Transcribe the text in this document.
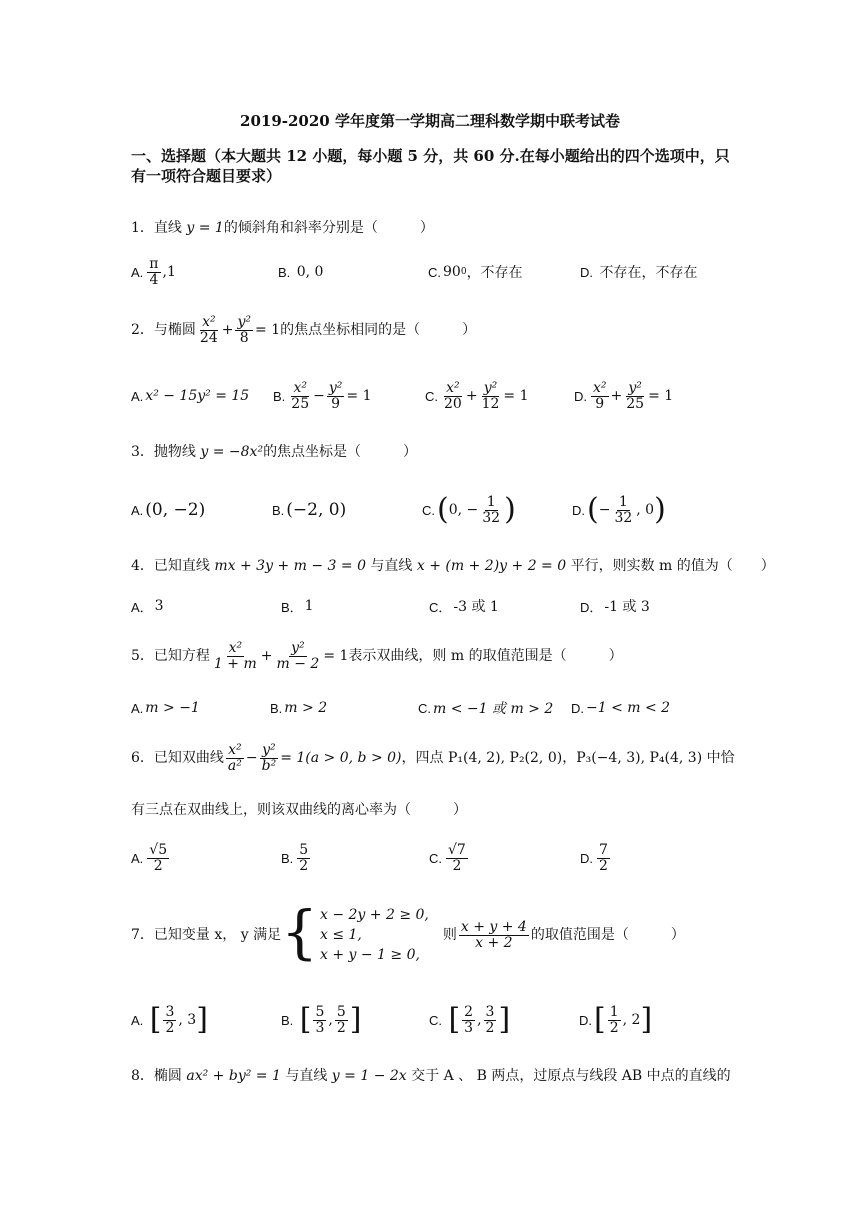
2019-2020 学年度第一学期高二理科数学期中联考试卷
一、选择题（本大题共 12 小题，每小题 5 分，共 60 分.在每小题给出的四个选项中，只有一项符合题目要求）
1．直线 y = 1的倾斜角和斜率分别是（　　　）
A. $\frac{\pi}{4} ,1$	B.
0, 0	C. 90 0 ，不存在	D.
不存在，不存在
2． 与椭圆 $\frac{\text{x²}}{24} + \frac{\text{y²}}{8} = 1$ 的焦点坐标相同的是（　　　）
A. x² − 15y² = 15 B. $\frac{\text{x²}}{25} - \frac{\text{y²}}{9} = 1$	C. $\frac{\text{x²}}{20} + \frac{\text{y²}}{12} = 1$	D. $\frac{\text{x²}}{9} + \frac{\text{y²}}{25} = 1$
3．抛物线 y = −8x²的焦点坐标是（　　　）
A. (0, −2)	B. (−2, 0)	C. ( 0, − $\frac{1}{32}$ )	D. ( − $\frac{1}{32}$ , 0 )
4．已知直线 mx + 3y + m − 3 = 0 与直线 x + (m + 2)y + 2 = 0 平行，则实数 m 的值为（　　）
A． 3	B． 1	C． -3 或 1	D． -1 或 3
5． 已知方程 $\frac{\text{x²}}{1 + m} + \frac{\text{y²}}{m - 2} = 1$ 表示双曲线，则 m 的取值范围是（　　　）
A. m > −1	B. m > 2	C. m < −1 或 m > 2 D. −1 < m < 2
6． 已知双曲线 $\frac{\text{x²}}{\text{a²}} - \frac{\text{y²}}{\text{b²}} = 1(a > 0$, b > 0) ，四点 P₁(4, 2), P₂(2, 0)，P₃(−4, 3), P₄(4, 3) 中恰
有三点在双曲线上，则该双曲线的离心率为（　　　）
A. $\frac{√5}{2}$	B. $\frac{5}{2}$	C. $\frac{√7}{2}$	D. $\frac{7}{2}$
7． 已知变量 x， y 满足 { x − 2y + 2 ≥ 0,
x ≤ 1,
x + y − 1 ≥ 0,
　则 $\frac{x + y + 4}{x + 2}$ 的取值范围是（　　　）
A.
[ $\frac{3}{2}$ , 3 ]	B.
[ $\frac{5}{3}$ , $\frac{5}{2}$ ]	C.
[ $\frac{2}{3}$ , $\frac{3}{2}$ ]	D. [ $\frac{1}{2}$ , 2 ]
8．椭圆 ax² + by² = 1 与直线 y = 1 − 2x 交于 A 、 B 两点，过原点与线段 AB 中点的直线的
